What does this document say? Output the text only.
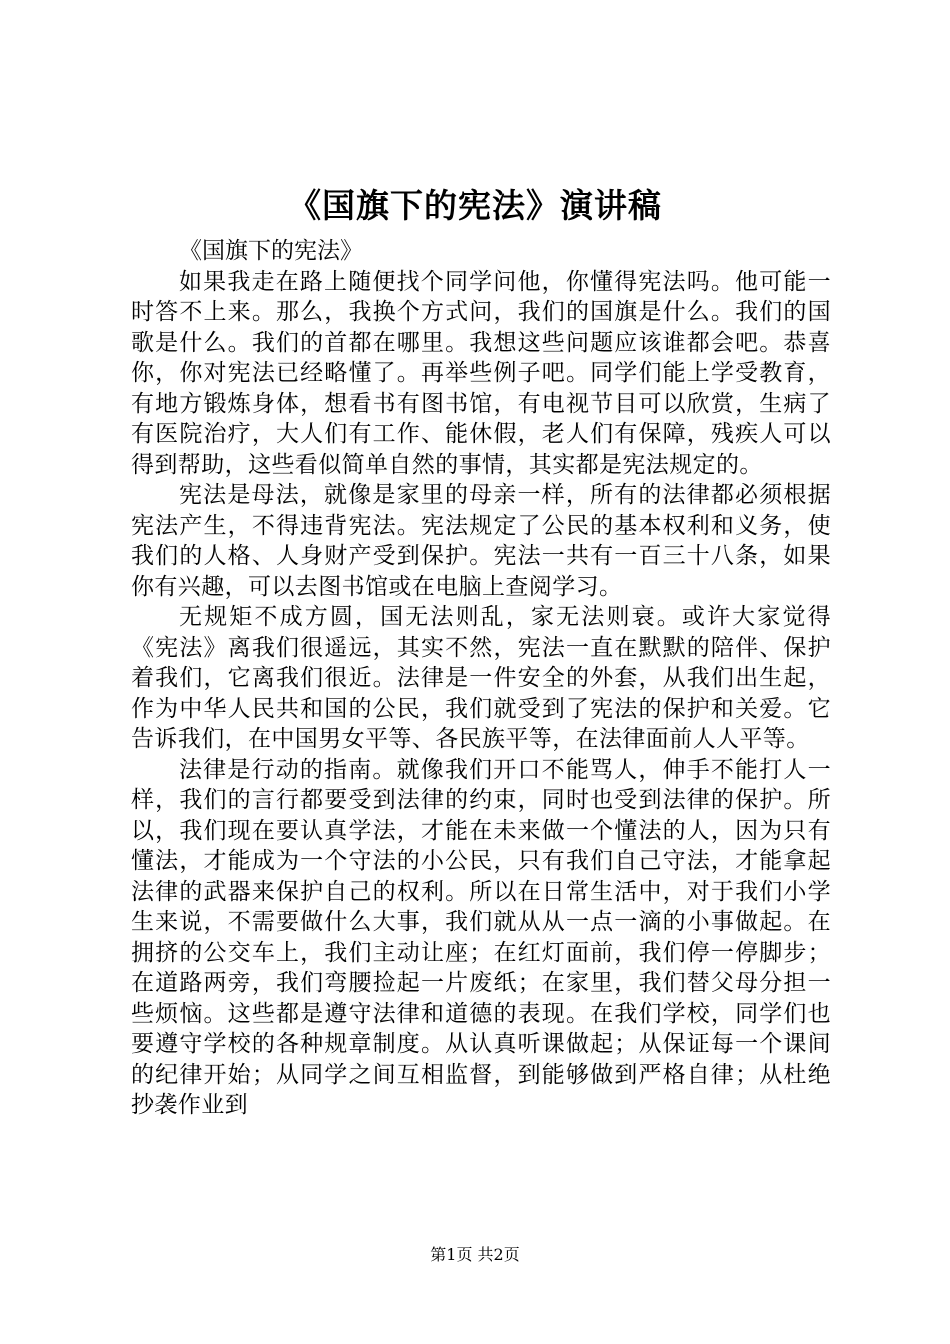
《国旗下的宪法》演讲稿

《国旗下的宪法》

如果我走在路上随便找个同学问他，你懂得宪法吗。他可能一时答不上来。那么，我换个方式问，我们的国旗是什么。我们的国歌是什么。我们的首都在哪里。我想这些问题应该谁都会吧。恭喜你，你对宪法已经略懂了。再举些例子吧。同学们能上学受教育，有地方锻炼身体，想看书有图书馆，有电视节目可以欣赏，生病了有医院治疗，大人们有工作、能休假，老人们有保障，残疾人可以得到帮助，这些看似简单自然的事情，其实都是宪法规定的。

宪法是母法，就像是家里的母亲一样，所有的法律都必须根据宪法产生，不得违背宪法。宪法规定了公民的基本权利和义务，使我们的人格、人身财产受到保护。宪法一共有一百三十八条，如果你有兴趣，可以去图书馆或在电脑上查阅学习。

无规矩不成方圆，国无法则乱，家无法则衰。或许大家觉得《宪法》离我们很遥远，其实不然，宪法一直在默默的陪伴、保护着我们，它离我们很近。法律是一件安全的外套，从我们出生起，作为中华人民共和国的公民，我们就受到了宪法的保护和关爱。它告诉我们，在中国男女平等、各民族平等，在法律面前人人平等。

法律是行动的指南。就像我们开口不能骂人，伸手不能打人一样，我们的言行都要受到法律的约束，同时也受到法律的保护。所以，我们现在要认真学法，才能在未来做一个懂法的人，因为只有懂法，才能成为一个守法的小公民，只有我们自己守法，才能拿起法律的武器来保护自己的权利。所以在日常生活中，对于我们小学生来说，不需要做什么大事，我们就从从一点一滴的小事做起。在拥挤的公交车上，我们主动让座；在红灯面前，我们停一停脚步；在道路两旁，我们弯腰捡起一片废纸；在家里，我们替父母分担一些烦恼。这些都是遵守法律和道德的表现。在我们学校，同学们也要遵守学校的各种规章制度。从认真听课做起；从保证每一个课间的纪律开始；从同学之间互相监督，到能够做到严格自律；从杜绝抄袭作业到

第1页 共2页
